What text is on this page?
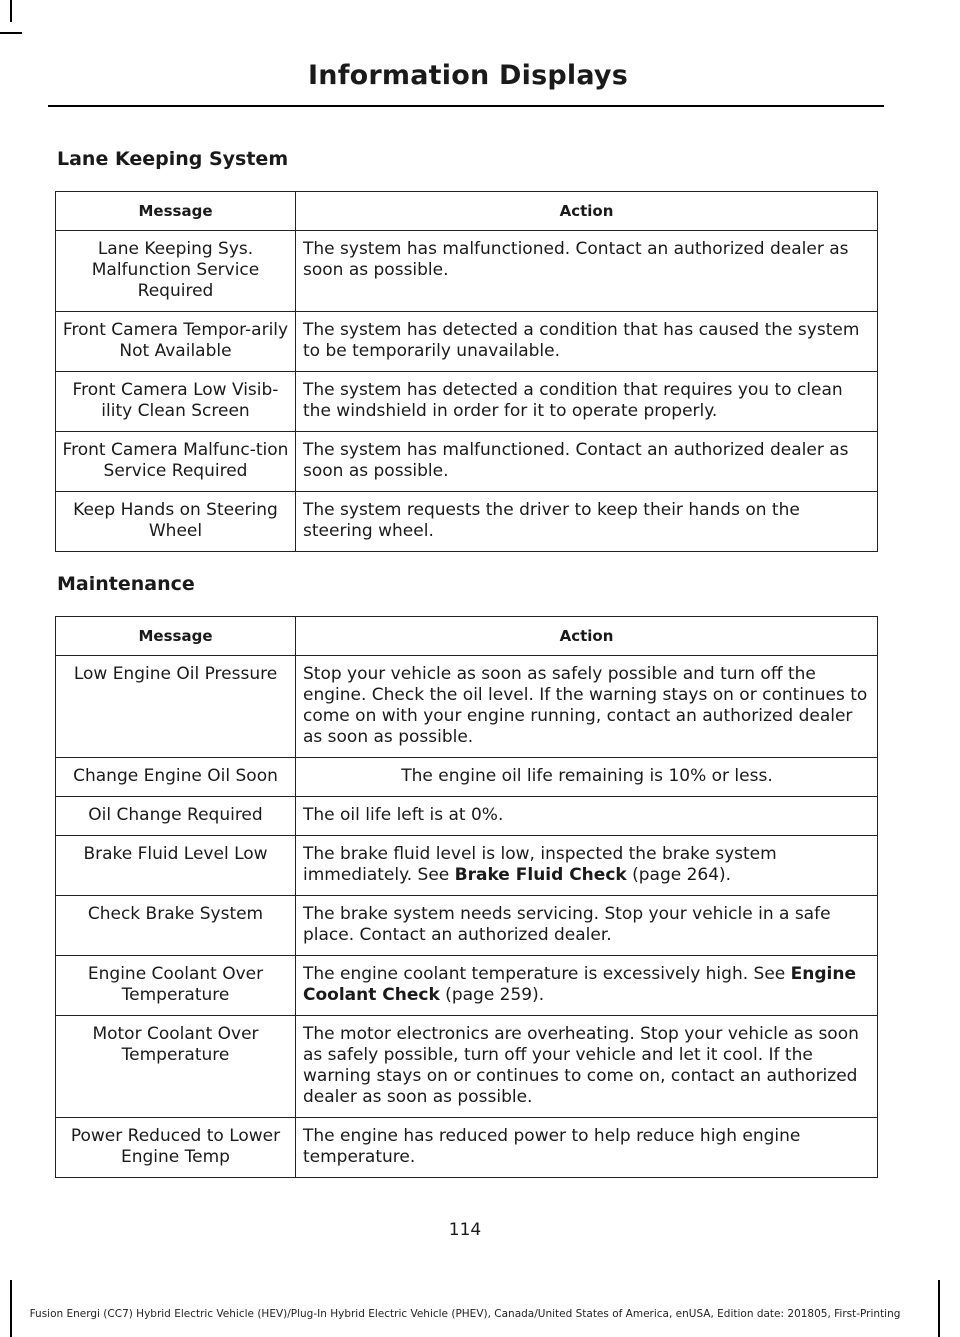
Information Displays
Lane Keeping System
Message	Action
Lane Keeping Sys. Malfunction Service Required	The system has malfunctioned. Contact an authorized dealer as soon as possible.
Front Camera Tempor-arily Not Available	The system has detected a condition that has caused the system to be temporarily unavailable.
Front Camera Low Visib-ility Clean Screen	The system has detected a condition that requires you to clean the windshield in order for it to operate properly.
Front Camera Malfunc-tion Service Required	The system has malfunctioned. Contact an authorized dealer as soon as possible.
Keep Hands on Steering Wheel	The system requests the driver to keep their hands on the steering wheel.
Maintenance
Message	Action
Low Engine Oil Pressure	Stop your vehicle as soon as safely possible and turn off the engine. Check the oil level. If the warning stays on or continues to come on with your engine running, contact an authorized dealer as soon as possible.
Change Engine Oil Soon	The engine oil life remaining is 10% or less.
Oil Change Required	The oil life left is at 0%.
Brake Fluid Level Low	The brake fluid level is low, inspected the brake system immediately. See Brake Fluid Check (page 264).
Check Brake System	The brake system needs servicing. Stop your vehicle in a safe place. Contact an authorized dealer.
Engine Coolant Over Temperature	The engine coolant temperature is excessively high. See Engine Coolant Check (page 259).
Motor Coolant Over Temperature	The motor electronics are overheating. Stop your vehicle as soon as safely possible, turn off your vehicle and let it cool. If the warning stays on or continues to come on, contact an authorized dealer as soon as possible.
Power Reduced to Lower Engine Temp	The engine has reduced power to help reduce high engine temperature.
114
Fusion Energi (CC7) Hybrid Electric Vehicle (HEV)/Plug-In Hybrid Electric Vehicle (PHEV), Canada/United States of America, enUSA, Edition date: 201805, First-Printing
